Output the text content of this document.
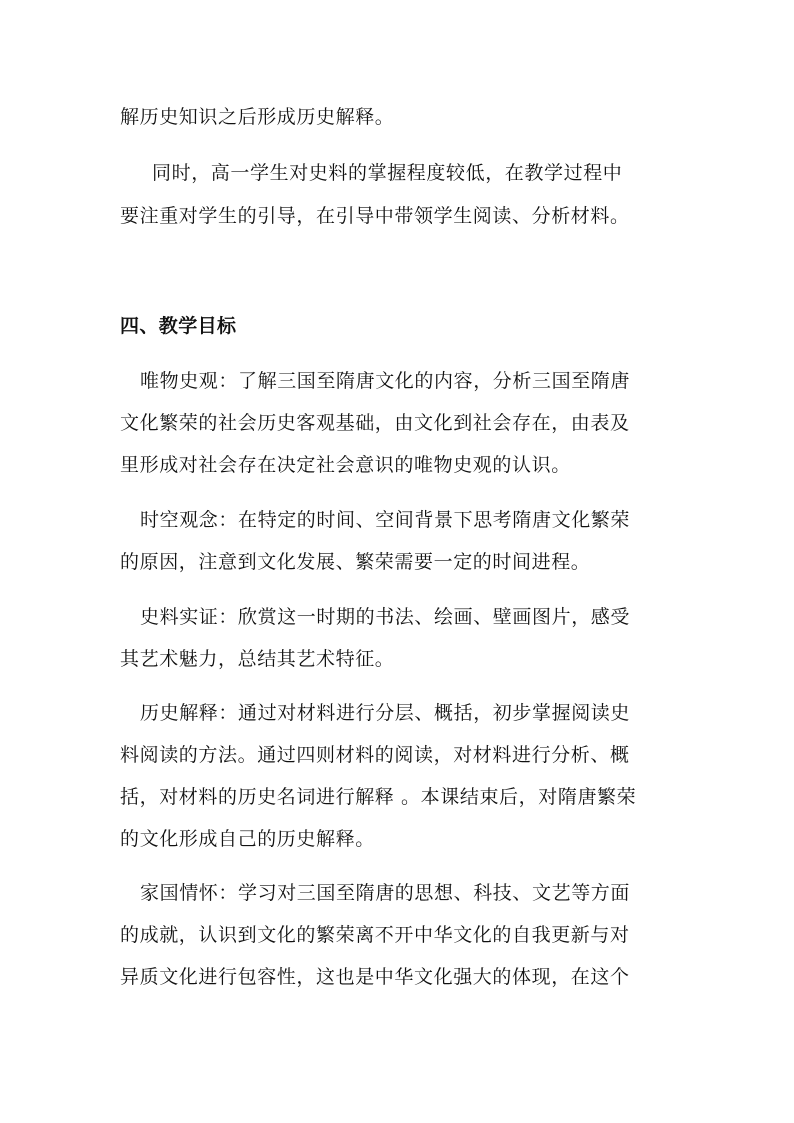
解历史知识之后形成历史解释。
同时，高一学生对史料的掌握程度较低，在教学过程中
要注重对学生的引导，在引导中带领学生阅读、分析材料。
四、教学目标
唯物史观：了解三国至隋唐文化的内容，分析三国至隋唐
文化繁荣的社会历史客观基础，由文化到社会存在，由表及
里形成对社会存在决定社会意识的唯物史观的认识。
时空观念：在特定的时间、空间背景下思考隋唐文化繁荣
的原因，注意到文化发展、繁荣需要一定的时间进程。
史料实证：欣赏这一时期的书法、绘画、壁画图片，感受
其艺术魅力，总结其艺术特征。
历史解释：通过对材料进行分层、概括，初步掌握阅读史
料阅读的方法。通过四则材料的阅读，对材料进行分析、概
括，对材料的历史名词进行解释 。本课结束后，对隋唐繁荣
的文化形成自己的历史解释。
家国情怀：学习对三国至隋唐的思想、科技、文艺等方面
的成就，认识到文化的繁荣离不开中华文化的自我更新与对
异质文化进行包容性，这也是中华文化强大的体现，在这个
